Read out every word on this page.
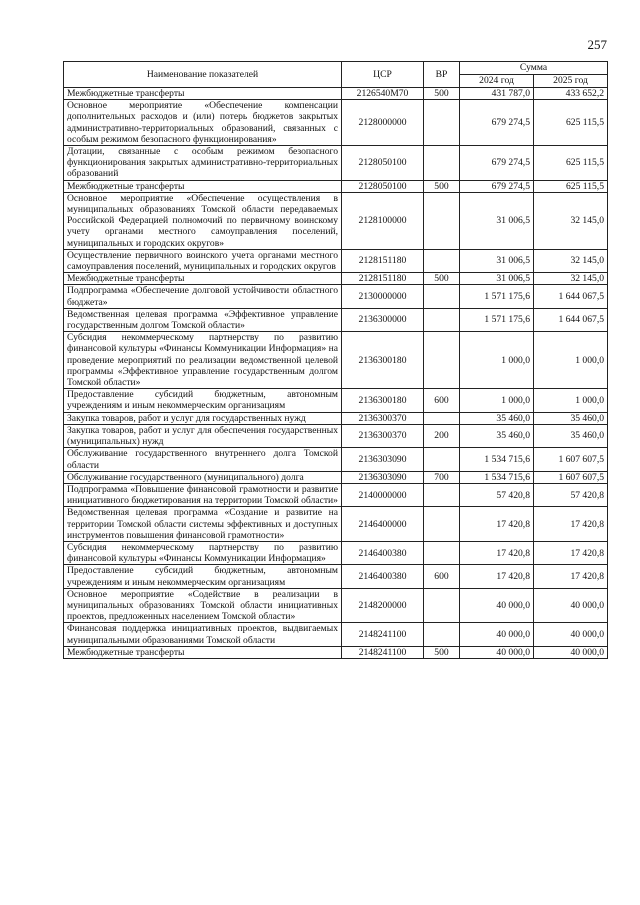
257
Наименование показателей	ЦСР	ВР	Сумма	
			2024 год	2025 год
Межбюджетные трансферты	2126540М70	500	431 787,0	433 652,2
Основное мероприятие «Обеспечение компенсации дополнительных расходов и (или) потерь бюджетов закрытых административно-территориальных образований, связанных с особым режимом безопасного функционирования»	2128000000		679 274,5	625 115,5
Дотации, связанные с особым режимом безопасного функционирования закрытых административно-территориальных образований	2128050100		679 274,5	625 115,5
Межбюджетные трансферты	2128050100	500	679 274,5	625 115,5
Основное мероприятие «Обеспечение осуществления в муниципальных образованиях Томской области передаваемых Российской Федерацией полномочий по первичному воинскому учету органами местного самоуправления поселений, муниципальных и городских округов»	2128100000		31 006,5	32 145,0
Осуществление первичного воинского учета органами местного самоуправления поселений, муниципальных и городских округов	2128151180		31 006,5	32 145,0
Межбюджетные трансферты	2128151180	500	31 006,5	32 145,0
Подпрограмма «Обеспечение долговой устойчивости областного бюджета»	2130000000		1 571 175,6	1 644 067,5
Ведомственная целевая программа «Эффективное управление государственным долгом Томской области»	2136300000		1 571 175,6	1 644 067,5
Субсидия некоммерческому партнерству по развитию финансовой культуры «Финансы Коммуникации Информация» на проведение мероприятий по реализации ведомственной целевой программы «Эффективное управление государственным долгом Томской области»	2136300180		1 000,0	1 000,0
Предоставление субсидий бюджетным, автономным учреждениям и иным некоммерческим организациям	2136300180	600	1 000,0	1 000,0
Закупка товаров, работ и услуг для государственных нужд	2136300370		35 460,0	35 460,0
Закупка товаров, работ и услуг для обеспечения государственных (муниципальных) нужд	2136300370	200	35 460,0	35 460,0
Обслуживание государственного внутреннего долга Томской области	2136303090		1 534 715,6	1 607 607,5
Обслуживание государственного (муниципального) долга	2136303090	700	1 534 715,6	1 607 607,5
Подпрограмма «Повышение финансовой грамотности и развитие инициативного бюджетирования на территории Томской области»	2140000000		57 420,8	57 420,8
Ведомственная целевая программа «Создание и развитие на территории Томской области системы эффективных и доступных инструментов повышения финансовой грамотности»	2146400000		17 420,8	17 420,8
Субсидия некоммерческому партнерству по развитию финансовой культуры «Финансы Коммуникации Информация»	2146400380		17 420,8	17 420,8
Предоставление субсидий бюджетным, автономным учреждениям и иным некоммерческим организациям	2146400380	600	17 420,8	17 420,8
Основное мероприятие «Содействие в реализации в муниципальных образованиях Томской области инициативных проектов, предложенных населением Томской области»	2148200000		40 000,0	40 000,0
Финансовая поддержка инициативных проектов, выдвигаемых муниципальными образованиями Томской области	2148241100		40 000,0	40 000,0
Межбюджетные трансферты	2148241100	500	40 000,0	40 000,0
